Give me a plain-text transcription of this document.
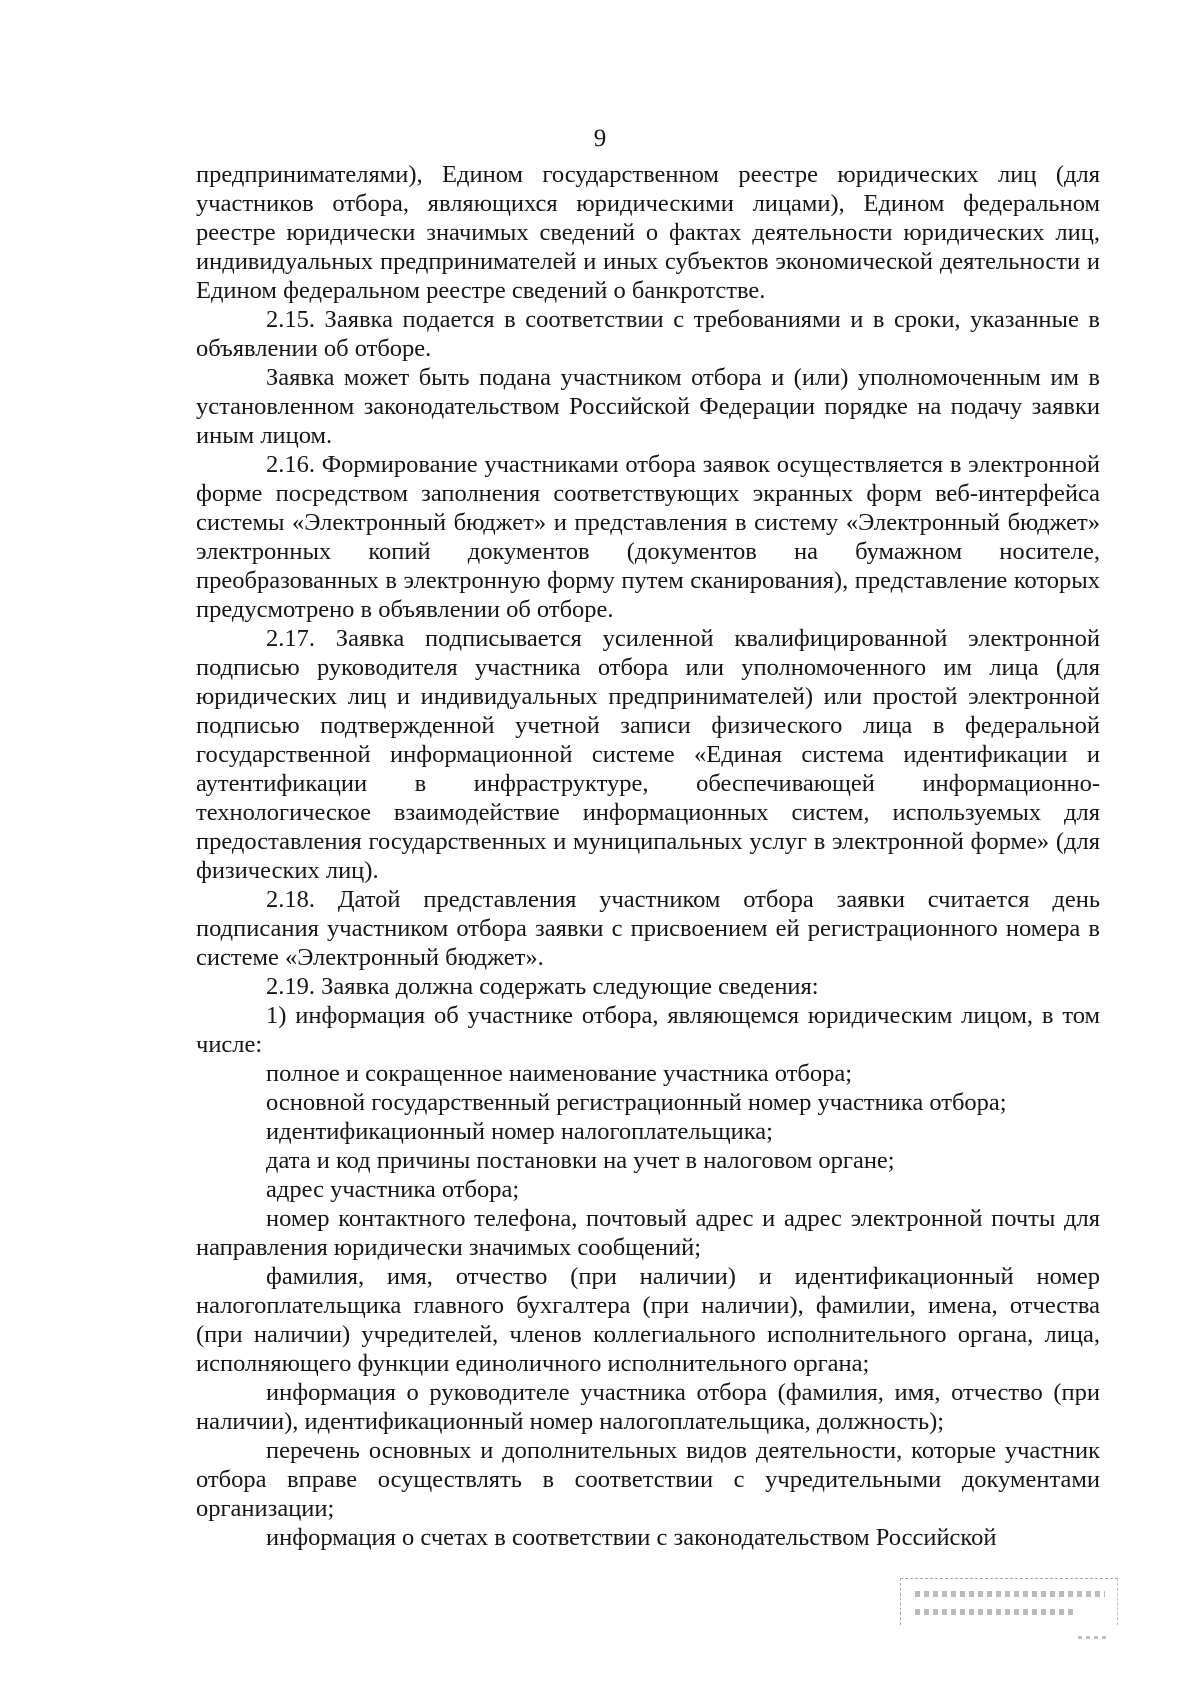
9

предпринимателями), Едином государственном реестре юридических лиц (для участников отбора, являющихся юридическими лицами), Едином федеральном реестре юридически значимых сведений о фактах деятельности юридических лиц, индивидуальных предпринимателей и иных субъектов экономической деятельности и Едином федеральном реестре сведений о банкротстве.

2.15. Заявка подается в соответствии с требованиями и в сроки, указанные в объявлении об отборе.

Заявка может быть подана участником отбора и (или) уполномоченным им в установленном законодательством Российской Федерации порядке на подачу заявки иным лицом.

2.16. Формирование участниками отбора заявок осуществляется в электронной форме посредством заполнения соответствующих экранных форм веб-интерфейса системы «Электронный бюджет» и представления в систему «Электронный бюджет» электронных копий документов (документов на бумажном носителе, преобразованных в электронную форму путем сканирования), представление которых предусмотрено в объявлении об отборе.

2.17. Заявка подписывается усиленной квалифицированной электронной подписью руководителя участника отбора или уполномоченного им лица (для юридических лиц и индивидуальных предпринимателей) или простой электронной подписью подтвержденной учетной записи физического лица в федеральной государственной информационной системе «Единая система идентификации и аутентификации в инфраструктуре, обеспечивающей информационно-технологическое взаимодействие информационных систем, используемых для предоставления государственных и муниципальных услуг в электронной форме» (для физических лиц).

2.18. Датой представления участником отбора заявки считается день подписания участником отбора заявки с присвоением ей регистрационного номера в системе «Электронный бюджет».

2.19. Заявка должна содержать следующие сведения:

1) информация об участнике отбора, являющемся юридическим лицом, в том числе:

полное и сокращенное наименование участника отбора;

основной государственный регистрационный номер участника отбора;

идентификационный номер налогоплательщика;

дата и код причины постановки на учет в налоговом органе;

адрес участника отбора;

номер контактного телефона, почтовый адрес и адрес электронной почты для направления юридически значимых сообщений;

фамилия, имя, отчество (при наличии) и идентификационный номер налогоплательщика главного бухгалтера (при наличии), фамилии, имена, отчества (при наличии) учредителей, членов коллегиального исполнительного органа, лица, исполняющего функции единоличного исполнительного органа;

информация о руководителе участника отбора (фамилия, имя, отчество (при наличии), идентификационный номер налогоплательщика, должность);

перечень основных и дополнительных видов деятельности, которые участник отбора вправе осуществлять в соответствии с учредительными документами организации;

информация о счетах в соответствии с законодательством Российской
